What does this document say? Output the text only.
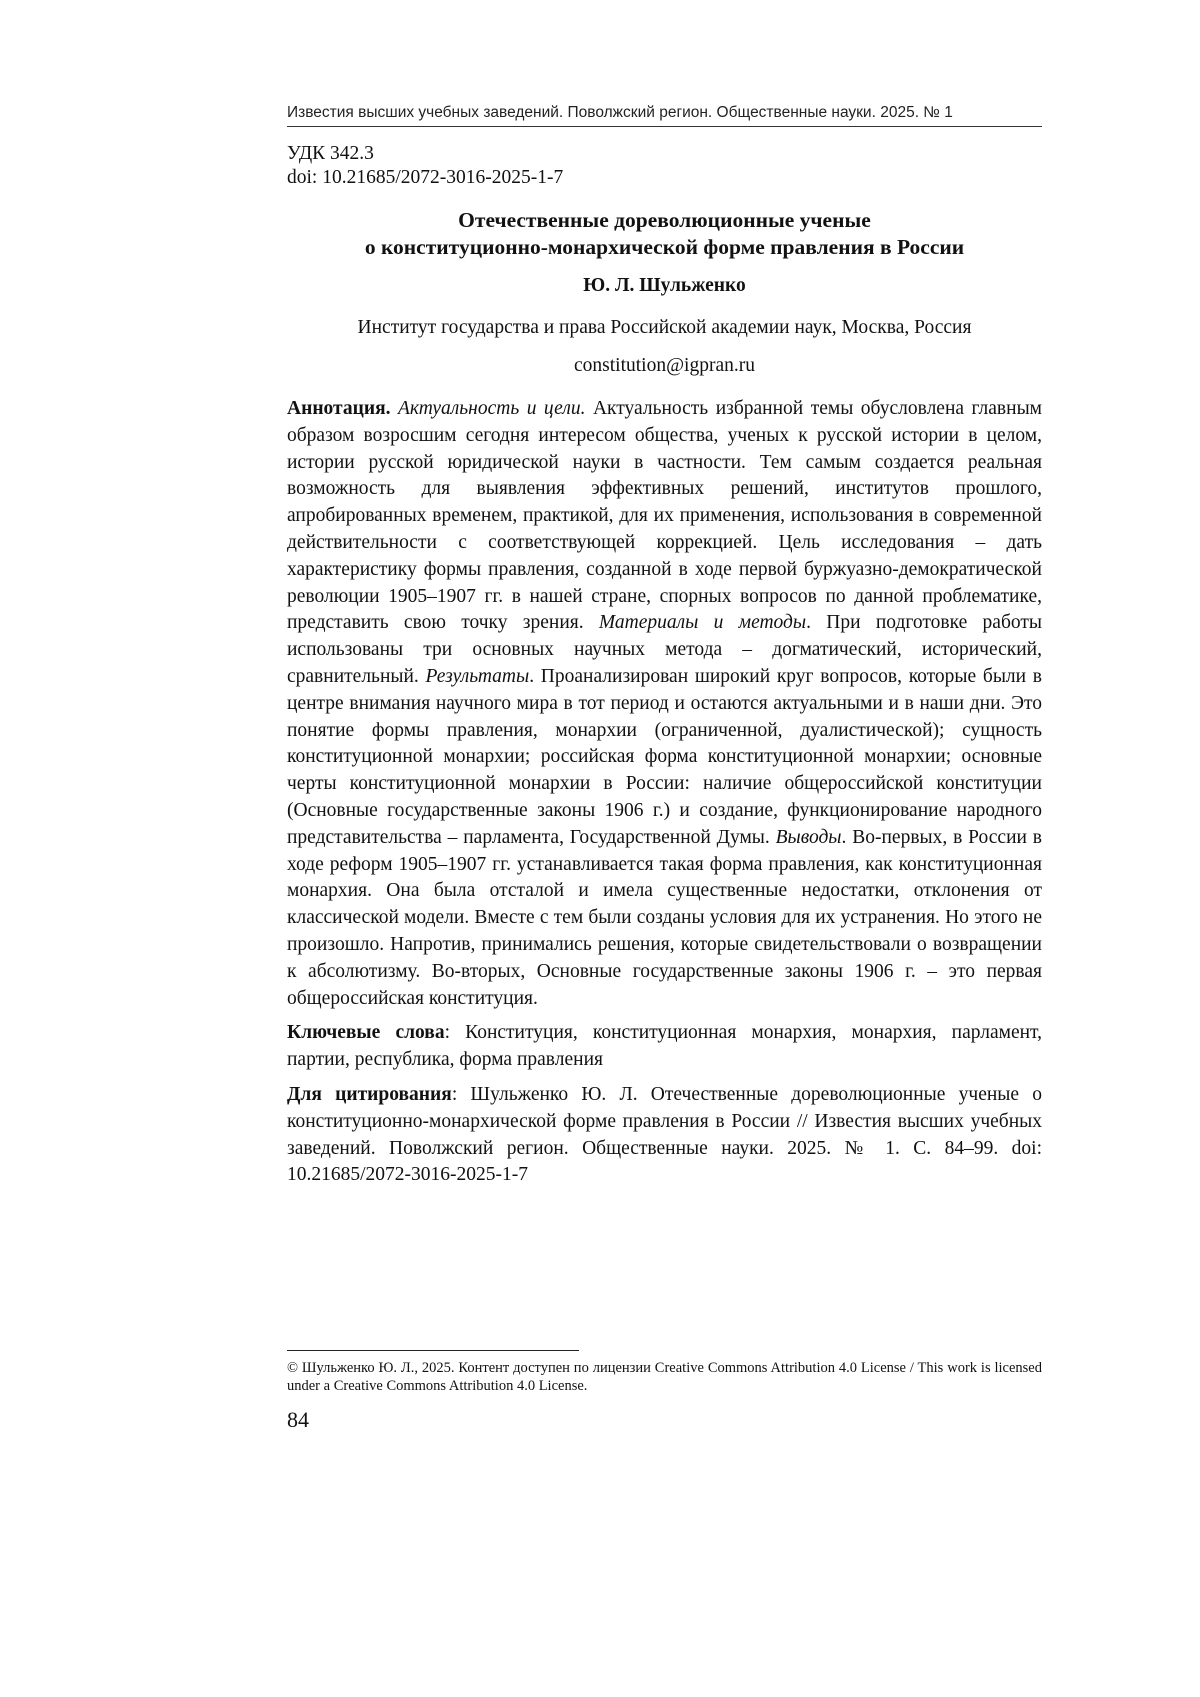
Известия высших учебных заведений. Поволжский регион. Общественные науки. 2025. № 1
УДК 342.3
doi: 10.21685/2072-3016-2025-1-7
Отечественные дореволюционные ученые
о конституционно-монархической форме правления в России
Ю. Л. Шульженко
Институт государства и права Российской академии наук, Москва, Россия
constitution@igpran.ru

Аннотация. Актуальность и цели. Актуальность избранной темы обусловлена главным образом возросшим сегодня интересом общества, ученых к русской истории в целом, истории русской юридической науки в частности. Тем самым создается реальная возможность для выявления эффективных решений, институтов прошлого, апробированных временем, практикой, для их применения, использования в современной действительности с соответствующей коррекцией. Цель исследования – дать характеристику формы правления, созданной в ходе первой буржуазно-демократической революции 1905–1907 гг. в нашей стране, спорных вопросов по данной проблематике, представить свою точку зрения. Материалы и методы. При подготовке работы использованы три основных научных метода – догматический, исторический, сравнительный. Результаты. Проанализирован широкий круг вопросов, которые были в центре внимания научного мира в тот период и остаются актуальными и в наши дни. Это понятие формы правления, монархии (ограниченной, дуалистической); сущность конституционной монархии; российская форма конституционной монархии; основные черты конституционной монархии в России: наличие общероссийской конституции (Основные государственные законы 1906 г.) и создание, функционирование народного представительства – парламента, Государственной Думы. Выводы. Во-первых, в России в ходе реформ 1905–1907 гг. устанавливается такая форма правления, как конституционная монархия. Она была отсталой и имела существенные недостатки, отклонения от классической модели. Вместе с тем были созданы условия для их устранения. Но этого не произошло. Напротив, принимались решения, которые свидетельствовали о возвращении к абсолютизму. Во-вторых, Основные государственные законы 1906 г. – это первая общероссийская конституция.

Ключевые слова: Конституция, конституционная монархия, монархия, парламент, партии, республика, форма правления

Для цитирования: Шульженко Ю. Л. Отечественные дореволюционные ученые о конституционно-монархической форме правления в России // Известия высших учебных заведений. Поволжский регион. Общественные науки. 2025. № 1. С. 84–99. doi: 10.21685/2072-3016-2025-1-7

© Шульженко Ю. Л., 2025. Контент доступен по лицензии Creative Commons Attribution 4.0 License / This work is licensed under a Creative Commons Attribution 4.0 License.
84
